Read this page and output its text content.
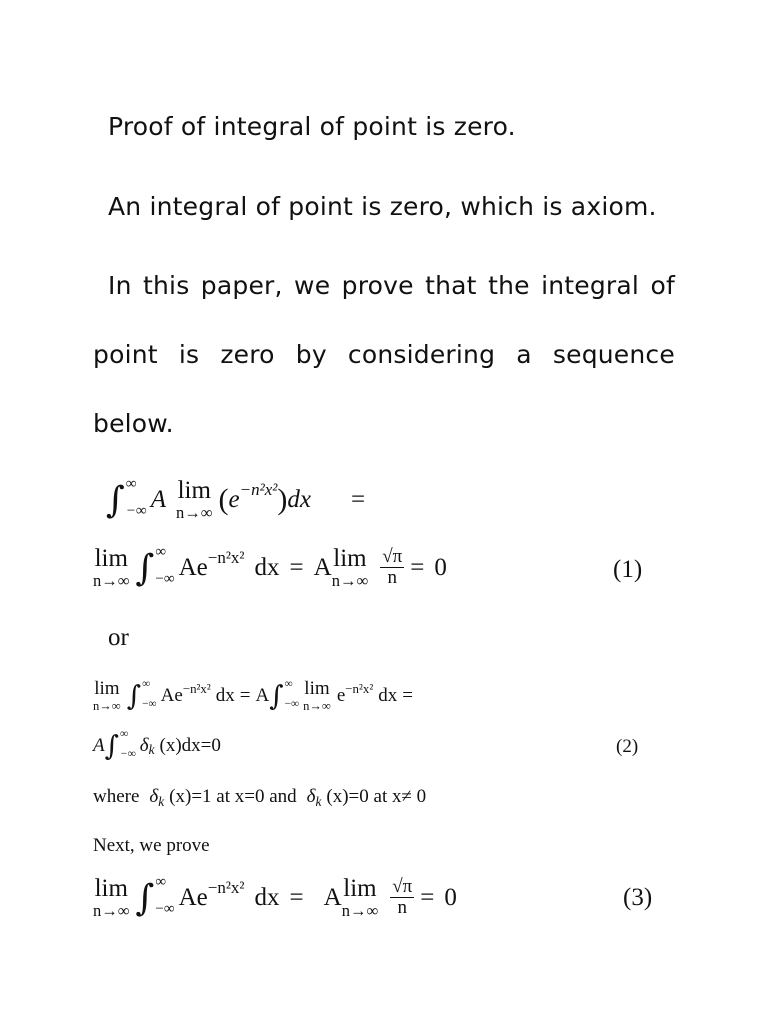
Proof of integral of point is zero.
An integral of point is zero, which is axiom.
In this paper, we prove that the integral of
point is zero by considering a sequence
below.
∫ ∞
−∞ A lim
n→∞ ( e −n²x² ) dx =
lim
n→∞ ∫ ∞
−∞ A e −n²x² dx = A lim
$n\to\infty \frac{√\pi}{n} = 0$	(1)
or
lim
n→∞ ∫ ∞
−∞ A e −n²x² dx = A ∫ ∞
−∞
lim
n→∞
e −n²x² dx =
A ∫ ∞
−∞ δ k (x)dx=0	(2)
where δ k (x)=1 at x=0 and δ k (x)=0 at x≠ 0
Next, we prove
lim
n→∞ ∫ ∞
−∞ A e −n²x² dx = A lim
$n\to\infty \frac{√\pi}{n} = 0$	(3)
